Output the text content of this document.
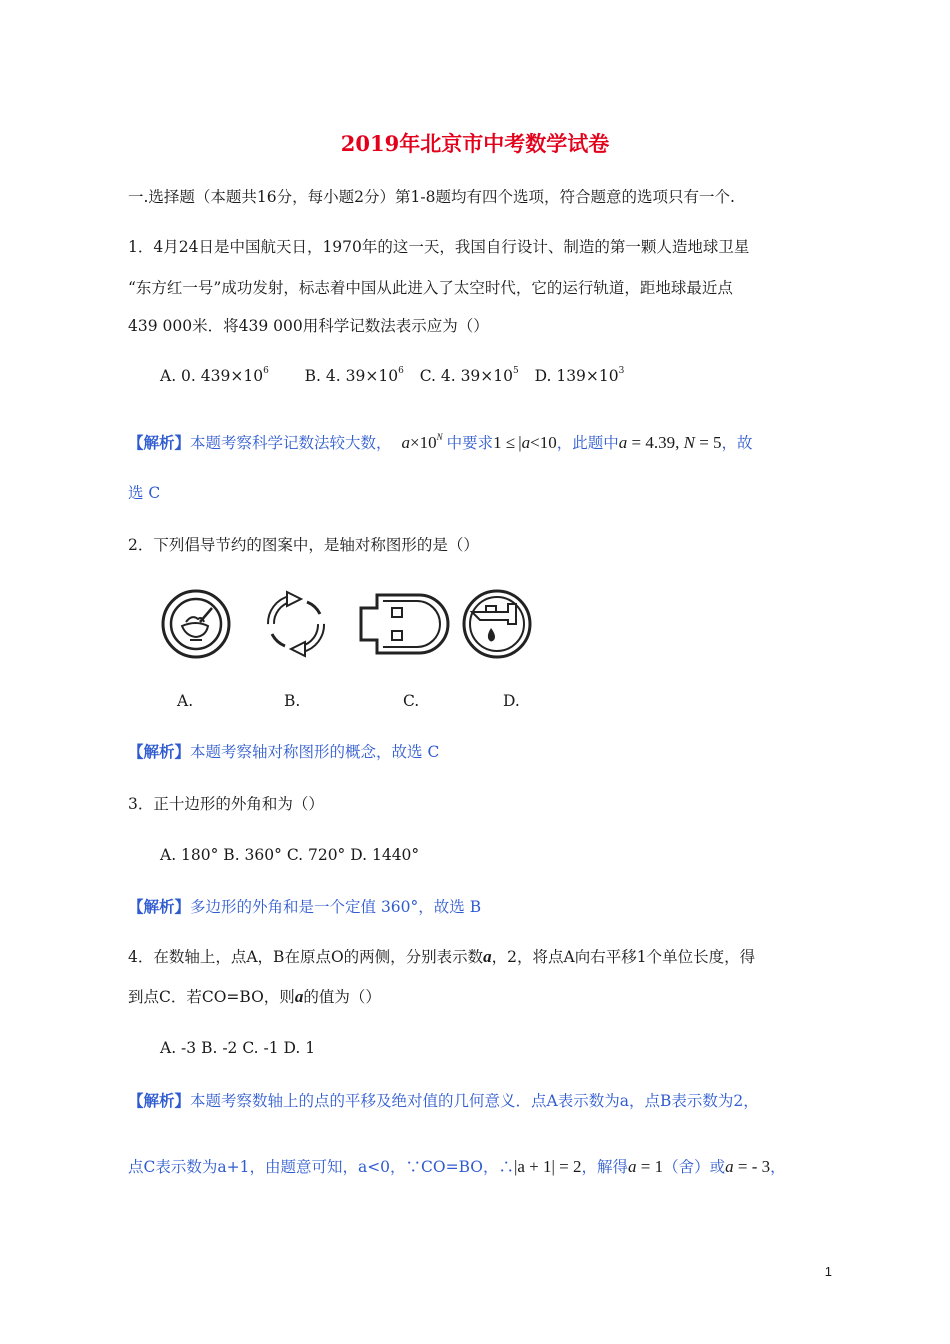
2019年北京市中考数学试卷
一.选择题（本题共16分，每小题2分）第1-8题均有四个选项，符合题意的选项只有一个.
1．4月24日是中国航天日，1970年的这一天，我国自行设计、制造的第一颗人造地球卫星
“东方红一号”成功发射，标志着中国从此进入了太空时代，它的运行轨道，距地球最近点
439 000米．将439 000用科学记数法表示应为（）
A. 0. $439\times 10^6$ B. 4. $39\times 10^6$ C. 4. $39\times 10^5$ D. $139\times 10^3$
【解析】本题考察科学记数法较大数， $a\times 10^N$ 中要求1 ≤ |a<10，此题中a = 4.39, N = 5，故
选 C
2．下列倡导节约的图案中，是轴对称图形的是（）
A.	B.	C.	D.
【解析】本题考察轴对称图形的概念，故选 C
3．正十边形的外角和为（）
A. 180° B. 360° C. 720° D. 1440°
【解析】多边形的外角和是一个定值 360°，故选 B
4．在数轴上，点A，B在原点O的两侧，分别表示数a，2，将点A向右平移1个单位长度，得
到点C．若CO=BO，则a的值为（）
A. -3 B. -2 C. -1 D. 1
【解析】本题考察数轴上的点的平移及绝对值的几何意义．点A表示数为a，点B表示数为2，
点C表示数为a+1，由题意可知，a<0，∵CO=BO，∴|a + 1| = 2，解得a = 1（舍）或a = - 3，
1
